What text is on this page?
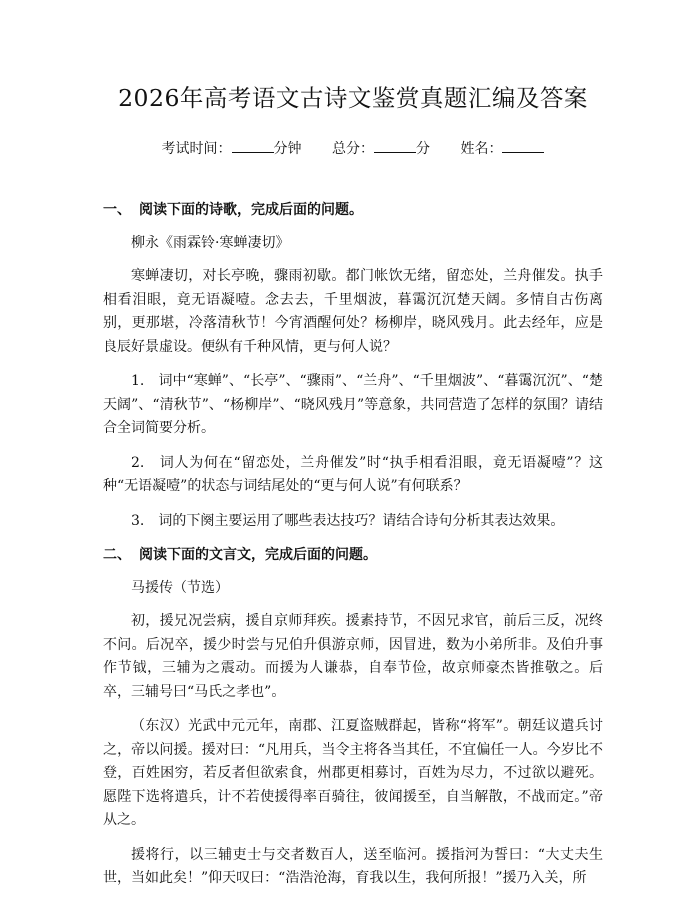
2026年高考语文古诗文鉴赏真题汇编及答案
考试时间：	分钟 总分：	分 姓名：
一、 阅读下面的诗歌，完成后面的问题。

柳永《雨霖铃·寒蝉凄切》

寒蝉凄切，对长亭晚，骤雨初歇。都门帐饮无绪，留恋处，兰舟催发。执手相看泪眼，竟无语凝噎。念去去，千里烟波，暮霭沉沉楚天阔。多情自古伤离别，更那堪，冷落清秋节！今宵酒醒何处？杨柳岸，晓风残月。此去经年，应是良辰好景虚设。便纵有千种风情，更与何人说？

1.　词中“寒蝉”、“长亭”、“骤雨”、“兰舟”、“千里烟波”、“暮霭沉沉”、“楚天阔”、“清秋节”、“杨柳岸”、“晓风残月”等意象，共同营造了怎样的氛围？请结合全词简要分析。

2.　词人为何在“留恋处，兰舟催发”时“执手相看泪眼，竟无语凝噎”？这种“无语凝噎”的状态与词结尾处的“更与何人说”有何联系？

3.　词的下阕主要运用了哪些表达技巧？请结合诗句分析其表达效果。

二、 阅读下面的文言文，完成后面的问题。

马援传（节选）

初，援兄况尝病，援自京师拜疾。援素持节，不因兄求官，前后三反，况终不问。后况卒，援少时尝与兄伯升俱游京师，因冒进，数为小弟所非。及伯升事作节钺，三辅为之震动。而援为人谦恭，自奉节俭，故京师豪杰皆推敬之。后卒，三辅号曰“马氏之孝也”。

（东汉）光武中元元年，南郡、江夏盗贼群起，皆称“将军”。朝廷议遣兵讨之，帝以问援。援对曰：“凡用兵，当令主将各当其任，不宜偏任一人。今岁比不登，百姓困穷，若反者但欲索食，州郡更相募讨，百姓为尽力，不过欲以避死。愿陛下选将遣兵，计不若使援得率百骑往，彼闻援至，自当解散，不战而定。”帝从之。

援将行，以三辅吏士与交者数百人，送至临河。援指河为誓曰：“大丈夫生世，当如此矣！”仰天叹曰：“浩浩沧海，育我以生，我何所报！”援乃入关，所
